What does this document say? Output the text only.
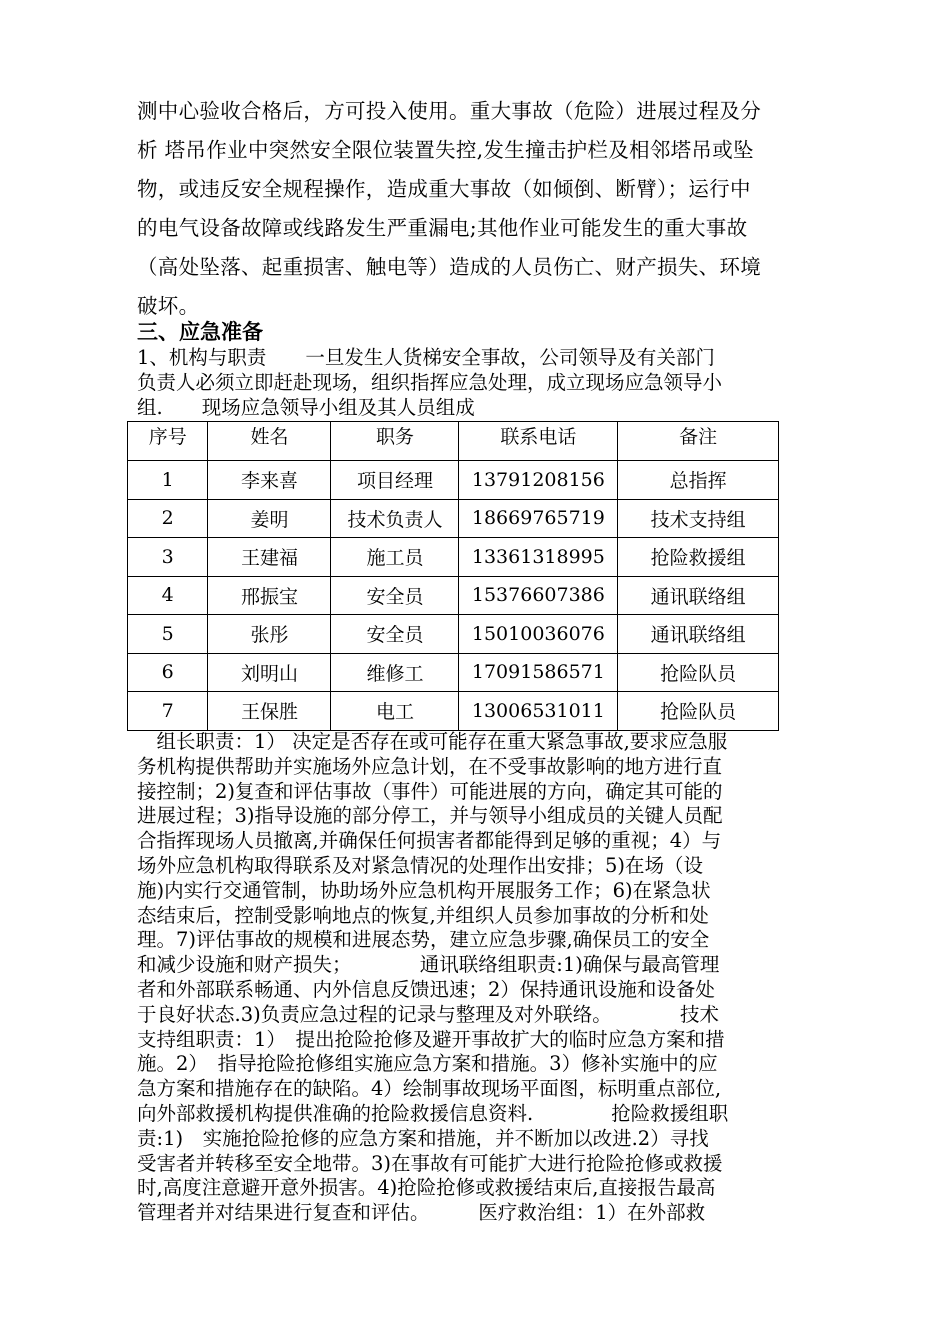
测中心验收合格后，方可投入使用。重大事故（危险）进展过程及分
析 塔吊作业中突然安全限位装置失控,发生撞击护栏及相邻塔吊或坠
物，或违反安全规程操作，造成重大事故（如倾倒、断臂）；运行中
的电气设备故障或线路发生严重漏电;其他作业可能发生的重大事故
（高处坠落、起重损害、触电等）造成的人员伤亡、财产损失、环境
破坏。

三、应急准备

1、机构与职责　　一旦发生人货梯安全事故，公司领导及有关部门
负责人必须立即赶赴现场，组织指挥应急处理，成立现场应急领导小
组.　　现场应急领导小组及其人员组成

序号	姓名	职务	联系电话	备注
1	李来喜	项目经理	13791208156	总指挥
2	姜明	技术负责人	18669765719	技术支持组
3	王建福	施工员	13361318995	抢险救援组
4	邢振宝	安全员	15376607386	通讯联络组
5	张彤	安全员	15010036076	通讯联络组
6	刘明山	维修工	17091586571	抢险队员
7	王保胜	电工	13006531011	抢险队员

　组长职责：1） 决定是否存在或可能存在重大紧急事故,要求应急服
务机构提供帮助并实施场外应急计划，在不受事故影响的地方进行直
接控制；2)复查和评估事故（事件）可能进展的方向，确定其可能的
进展过程；3)指导设施的部分停工，并与领导小组成员的关键人员配
合指挥现场人员撤离,并确保任何损害者都能得到足够的重视；4）与
场外应急机构取得联系及对紧急情况的处理作出安排；5)在场（设
施)内实行交通管制，协助场外应急机构开展服务工作；6)在紧急状
态结束后，控制受影响地点的恢复,并组织人员参加事故的分析和处
理。7)评估事故的规模和进展态势，建立应急步骤,确保员工的安全
和减少设施和财产损失；　　　　通讯联络组职责:1)确保与最高管理
者和外部联系畅通、内外信息反馈迅速；2）保持通讯设施和设备处
于良好状态.3)负责应急过程的记录与整理及对外联络。　　　　技术
支持组职责：1）　提出抢险抢修及避开事故扩大的临时应急方案和措
施。2）　指导抢险抢修组实施应急方案和措施。3）修补实施中的应
急方案和措施存在的缺陷。4）绘制事故现场平面图，标明重点部位,
向外部救援机构提供准确的抢险救援信息资料.　　　　抢险救援组职
责:1)　实施抢险抢修的应急方案和措施，并不断加以改进.2）寻找
受害者并转移至安全地带。3)在事故有可能扩大进行抢险抢修或救援
时,高度注意避开意外损害。4)抢险抢修或救援结束后,直接报告最高
管理者并对结果进行复查和评估。　　　医疗救治组：1）在外部救
